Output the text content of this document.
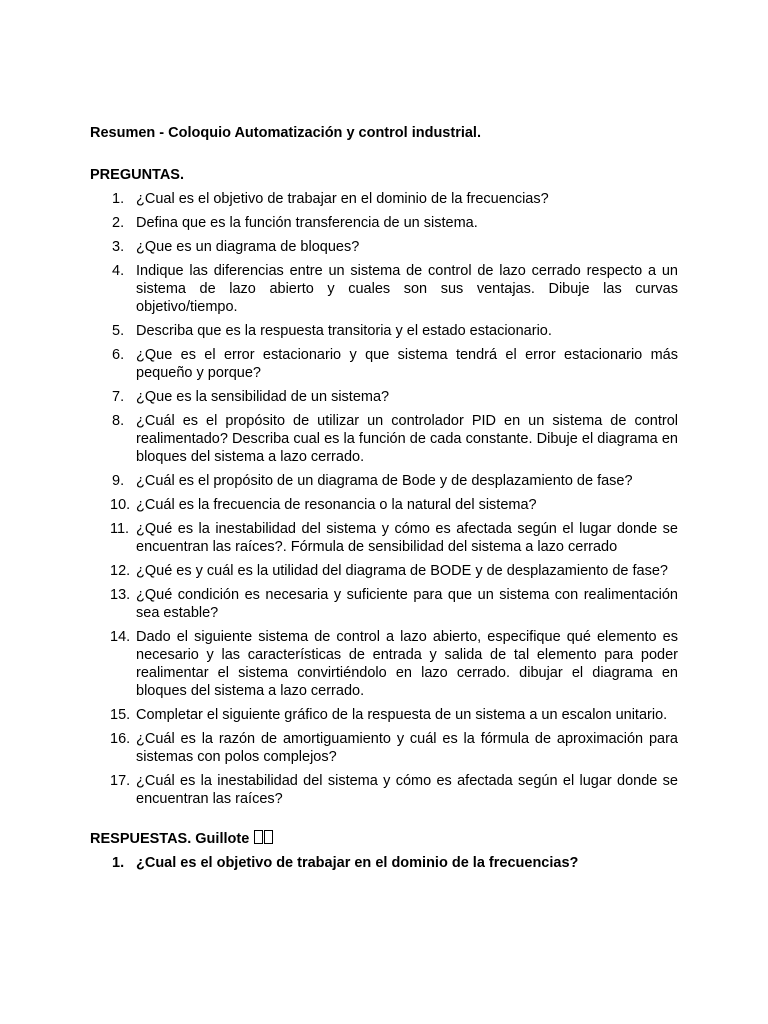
Resumen - Coloquio Automatización y control industrial.

PREGUNTAS.

1. ¿Cual es el objetivo de trabajar en el dominio de la frecuencias?
2. Defina que es la función transferencia de un sistema.
3. ¿Que es un diagrama de bloques?
4. Indique las diferencias entre un sistema de control de lazo cerrado respecto a un sistema de lazo abierto y cuales son sus ventajas. Dibuje las curvas objetivo/tiempo.
5. Describa que es la respuesta transitoria y el estado estacionario.
6. ¿Que es el error estacionario y que sistema tendrá el error estacionario más pequeño y porque?
7. ¿Que es la sensibilidad de un sistema?
8. ¿Cuál es el propósito de utilizar un controlador PID en un sistema de control realimentado? Describa cual es la función de cada constante. Dibuje el diagrama en bloques del sistema a lazo cerrado.
9. ¿Cuál es el propósito de un diagrama de Bode y de desplazamiento de fase?
10. ¿Cuál es la frecuencia de resonancia o la natural del sistema?
11. ¿Qué es la inestabilidad del sistema y cómo es afectada según el lugar donde se encuentran las raíces?. Fórmula de sensibilidad del sistema a lazo cerrado
12. ¿Qué es y cuál es la utilidad del diagrama de BODE y de desplazamiento de fase?
13. ¿Qué condición es necesaria y suficiente para que un sistema con realimentación sea estable?
14. Dado el siguiente sistema de control a lazo abierto, especifique qué elemento es necesario y las características de entrada y salida de tal elemento para poder realimentar el sistema convirtiéndolo en lazo cerrado. dibujar el diagrama en bloques del sistema a lazo cerrado.
15. Completar el siguiente gráfico de la respuesta de un sistema a un escalon unitario.
16. ¿Cuál es la razón de amortiguamiento y cuál es la fórmula de aproximación para sistemas con polos complejos?
17. ¿Cuál es la inestabilidad del sistema y cómo es afectada según el lugar donde se encuentran las raíces?

RESPUESTAS. Guillote

1. ¿Cual es el objetivo de trabajar en el dominio de la frecuencias?
